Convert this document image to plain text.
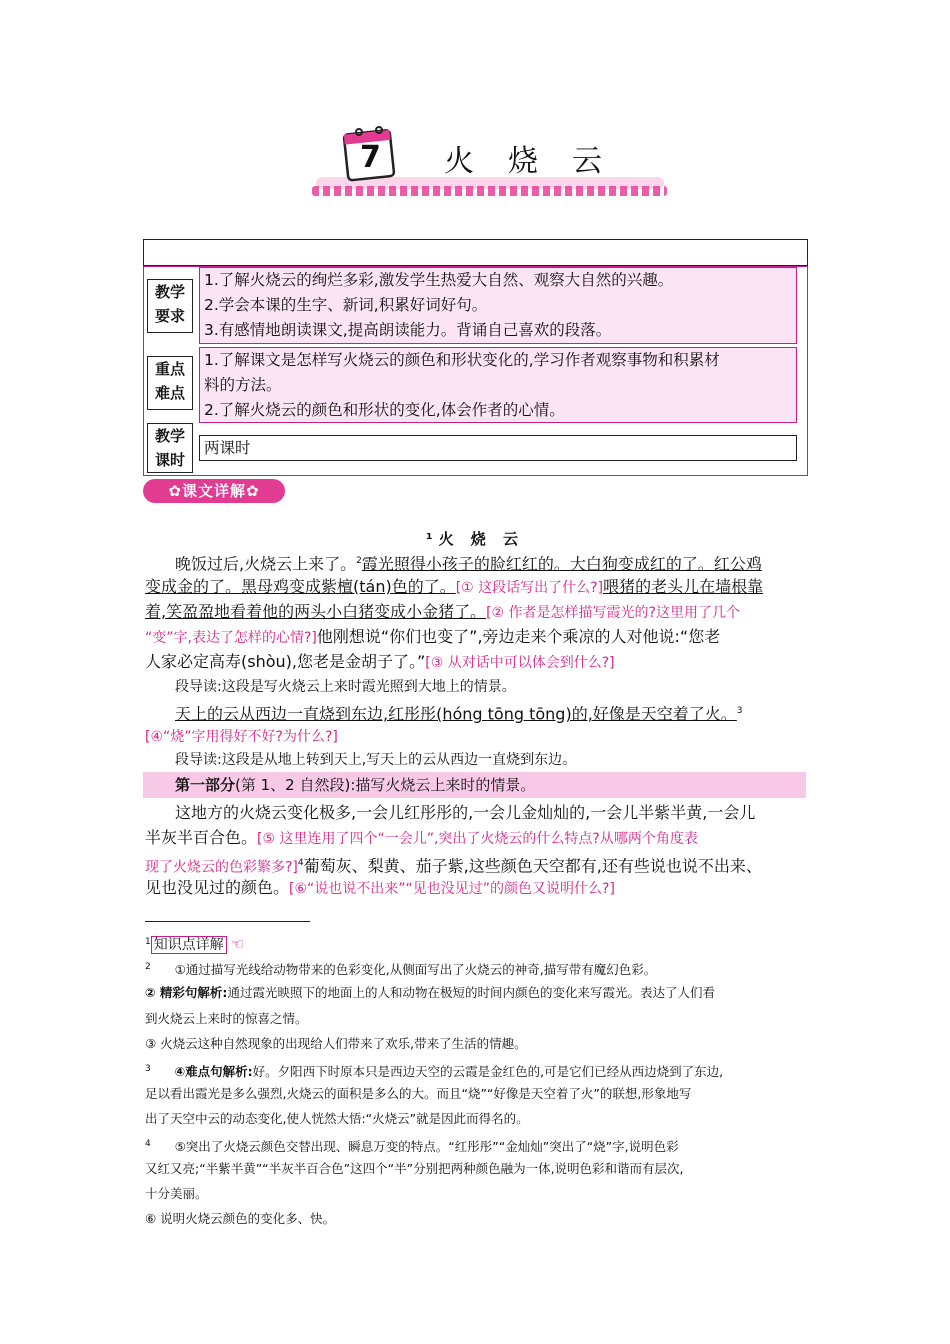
7 火烧云
教学
要求
1.了解火烧云的绚烂多彩,激发学生热爱大自然、观察大自然的兴趣。
2.学会本课的生字、新词,积累好词好句。
3.有感情地朗读课文,提高朗读能力。背诵自己喜欢的段落。
重点
难点
1.了解课文是怎样写火烧云的颜色和形状变化的,学习作者观察事物和积累材
料的方法。
2.了解火烧云的颜色和形状的变化,体会作者的心情。
教学
课时
两课时
✿课文详解✿
¹火 烧 云
晚饭过后,火烧云上来了。$^2$霞光照得小孩子的脸红红的。大白狗变成红的了。红公鸡
变成金的了。黑母鸡变成紫檀(tán)色的了。[① 这段话写出了什么?]喂猪的老头儿在墙根靠
着,笑盈盈地看着他的两头小白猪变成小金猪了。[② 作者是怎样描写霞光的?这里用了几个
“变”字,表达了怎样的心情?]他刚想说“你们也变了”,旁边走来个乘凉的人对他说:“您老
人家必定高寿(shòu),您老是金胡子了。”[③ 从对话中可以体会到什么?]
段导读:这段是写火烧云上来时霞光照到大地上的情景。
天上的云从西边一直烧到东边,红彤彤(hóng tōng tōng)的,好像是天空着了火。$^3$
[④“烧”字用得好不好?为什么?]
段导读:这段是从地上转到天上,写天上的云从西边一直烧到东边。
第一部分(第 1、2 自然段):描写火烧云上来时的情景。
这地方的火烧云变化极多,一会儿红彤彤的,一会儿金灿灿的,一会儿半紫半黄,一会儿
半灰半百合色。[⑤ 这里连用了四个“一会儿”,突出了火烧云的什么特点?从哪两个角度表
现了火烧云的色彩繁多?]$^4$葡萄灰、梨黄、茄子紫,这些颜色天空都有,还有些说也说不出来、
见也没见过的颜色。[⑥“说也说不出来”“见也没见过”的颜色又说明什么?]
$^1$ 知识点详解 ☜
$^2$ ①通过描写光线给动物带来的色彩变化,从侧面写出了火烧云的神奇,描写带有魔幻色彩。
② 精彩句解析:通过霞光映照下的地面上的人和动物在极短的时间内颜色的变化来写霞光。表达了人们看
到火烧云上来时的惊喜之情。
③ 火烧云这种自然现象的出现给人们带来了欢乐,带来了生活的情趣。
$^3$ ④难点句解析:好。夕阳西下时原本只是西边天空的云霞是金红色的,可是它们已经从西边烧到了东边,
足以看出霞光是多么强烈,火烧云的面积是多么的大。而且“烧”“好像是天空着了火”的联想,形象地写
出了天空中云的动态变化,使人恍然大悟:“火烧云”就是因此而得名的。
$^4$ ⑤突出了火烧云颜色交替出现、瞬息万变的特点。“红彤彤”“金灿灿”突出了“烧”字,说明色彩
又红又亮;“半紫半黄”“半灰半百合色”这四个“半”分别把两种颜色融为一体,说明色彩和谐而有层次,
十分美丽。
⑥ 说明火烧云颜色的变化多、快。
